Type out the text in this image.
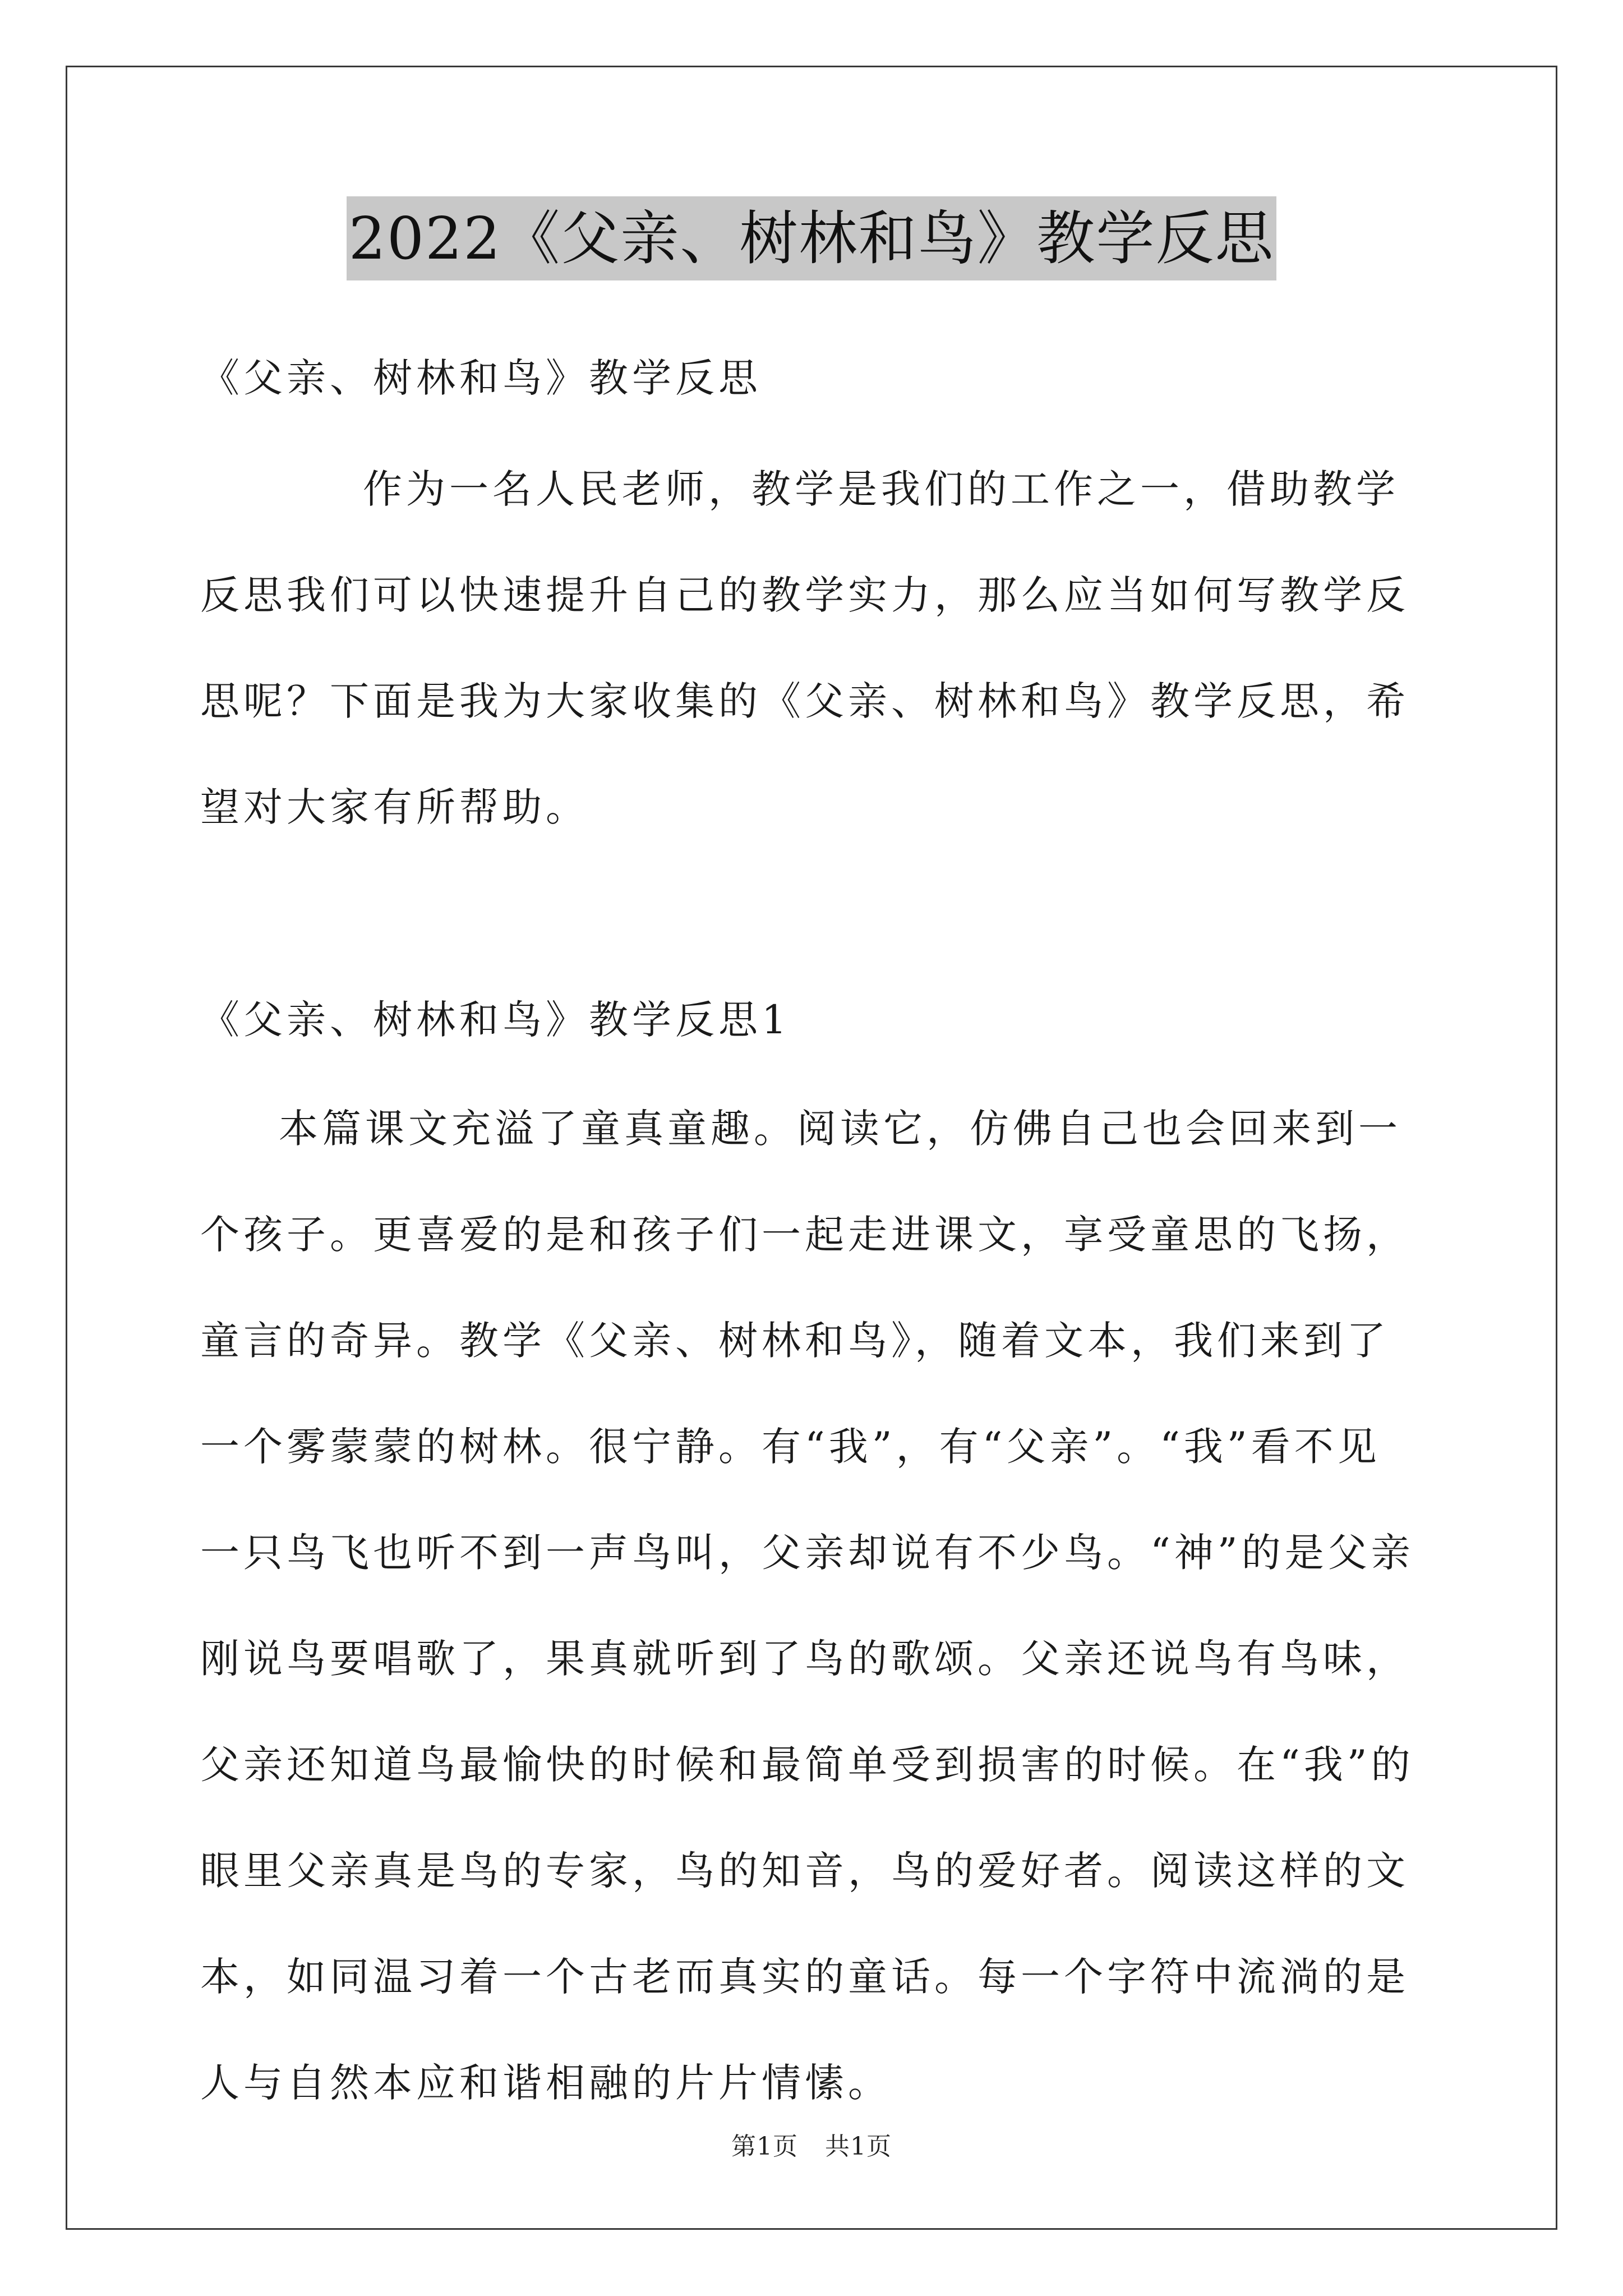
2022《父亲、树林和鸟》教学反思

《父亲、树林和鸟》教学反思

作为一名人民老师，教学是我们的工作之一，借助教学反思我们可以快速提升自己的教学实力，那么应当如何写教学反思呢？下面是我为大家收集的《父亲、树林和鸟》教学反思，希望对大家有所帮助。

《父亲、树林和鸟》教学反思1

本篇课文充溢了童真童趣。阅读它，仿佛自己也会回来到一个孩子。更喜爱的是和孩子们一起走进课文，享受童思的飞扬，童言的奇异。教学《父亲、树林和鸟》，随着文本，我们来到了一个雾蒙蒙的树林。很宁静。有“我”，有“父亲”。“我”看不见一只鸟飞也听不到一声鸟叫，父亲却说有不少鸟。“神”的是父亲刚说鸟要唱歌了，果真就听到了鸟的歌颂。父亲还说鸟有鸟味，父亲还知道鸟最愉快的时候和最简单受到损害的时候。在“我”的眼里父亲真是鸟的专家，鸟的知音，鸟的爱好者。阅读这样的文本，如同温习着一个古老而真实的童话。每一个字符中流淌的是人与自然本应和谐相融的片片情愫。

第1页 共1页
